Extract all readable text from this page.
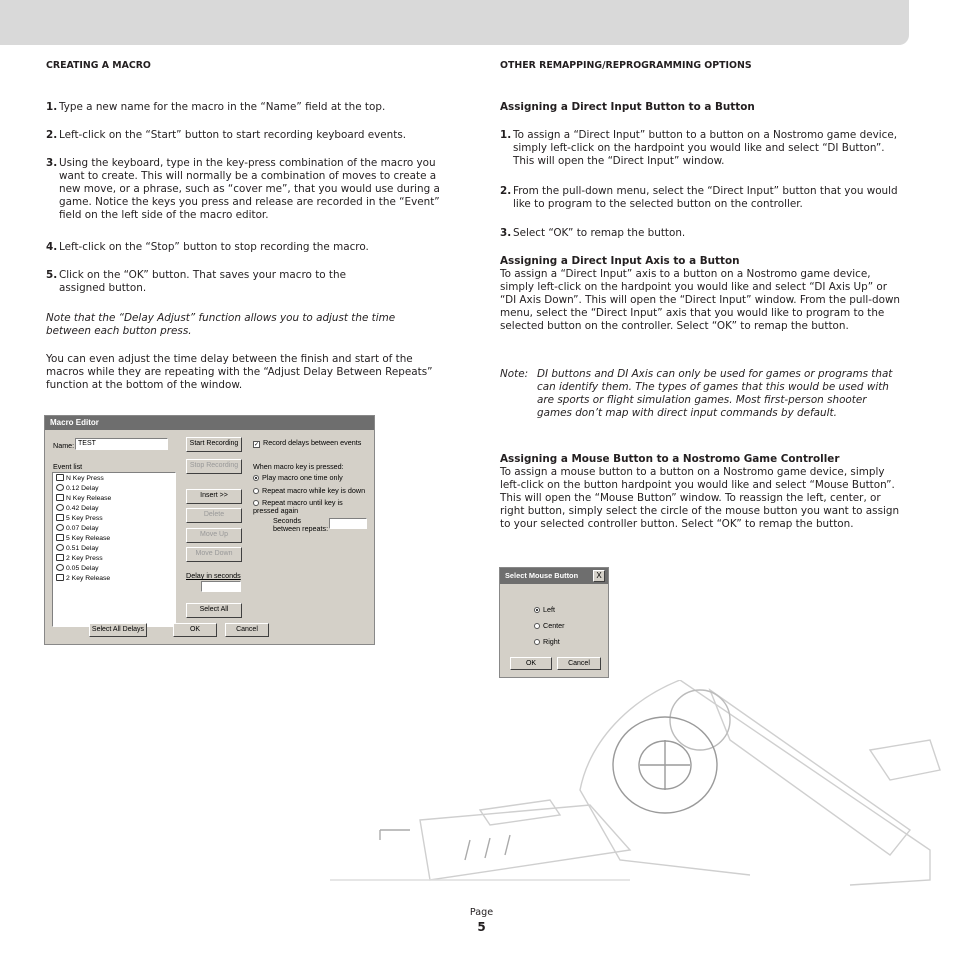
CREATING A MACRO
1. Type a new name for the macro in the “Name” field at the top.
2. Left-click on the “Start” button to start recording keyboard events.
3. Using the keyboard, type in the key-press combination of the macro you want to create. This will normally be a combination of moves to create a new move, or a phrase, such as “cover me”, that you would use during a game. Notice the keys you press and release are recorded in the “Event” field on the left side of the macro editor.
4. Left-click on the “Stop” button to stop recording the macro.
5. Click on the “OK” button. That saves your macro to the assigned button.
Note that the “Delay Adjust” function allows you to adjust the time between each button press.
You can even adjust the time delay between the finish and start of the macros while they are repeating with the “Adjust Delay Between Repeats” function at the bottom of the window.
Macro Editor
Name: TEST
Event list
N Key Press
0.12 Delay
N Key Release
0.42 Delay
5 Key Press
0.07 Delay
5 Key Release
0.51 Delay
2 Key Press
0.05 Delay
2 Key Release
Start Recording
Stop Recording
Insert >>
Delete
Move Up
Move Down
Delay in seconds
Select All
Select All Delays	OK	Cancel
✓ Record delays between events
When macro key is pressed:
Play macro one time only
Repeat macro while key is down
Repeat macro until key is pressed again
Seconds between repeats:
OTHER REMAPPING/REPROGRAMMING OPTIONS
Assigning a Direct Input Button to a Button
1. To assign a “Direct Input” button to a button on a Nostromo game device, simply left-click on the hardpoint you would like and select “DI Button”. This will open the “Direct Input” window.
2. From the pull-down menu, select the “Direct Input” button that you would like to program to the selected button on the controller.
3. Select “OK” to remap the button.
Assigning a Direct Input Axis to a Button
To assign a “Direct Input” axis to a button on a Nostromo game device, simply left-click on the hardpoint you would like and select “DI Axis Up” or “DI Axis Down”. This will open the “Direct Input” window. From the pull-down menu, select the “Direct Input” axis that you would like to program to the selected button on the controller. Select “OK” to remap the button.
Note: DI buttons and DI Axis can only be used for games or programs that can identify them. The types of games that this would be used with are sports or flight simulation games. Most first-person shooter games don’t map with direct input commands by default.
Assigning a Mouse Button to a Nostromo Game Controller
To assign a mouse button to a button on a Nostromo game device, simply left-click on the button hardpoint you would like and select “Mouse Button”. This will open the “Mouse Button” window. To reassign the left, center, or right button, simply select the circle of the mouse button you want to assign to your selected controller button. Select “OK” to remap the button.
Select Mouse Button	X
Left
Center
Right
OK	Cancel
Page
5
